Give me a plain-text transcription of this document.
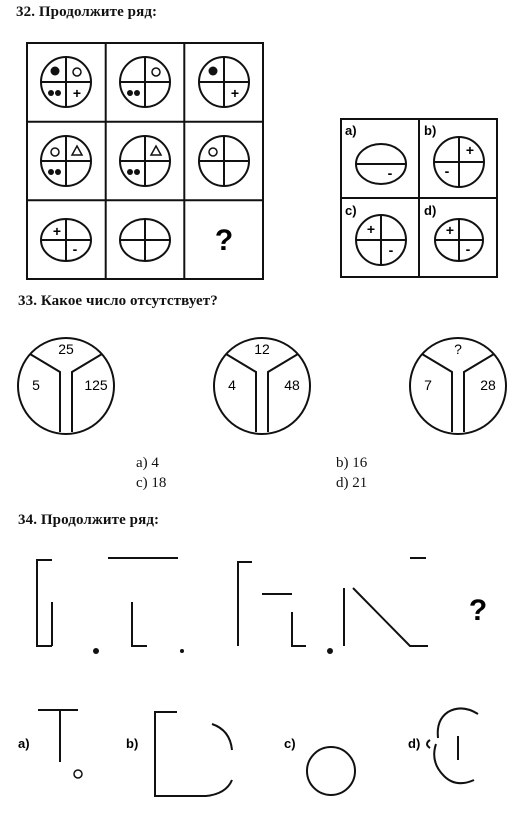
32. Продолжите ряд:
33. Какое число отсутствует?
34. Продолжите ряд:
+	+
+
-	?
a)
-
b)
+
-
c)
+
-
d)
+
-
25
5	125
12
4	48
?
7	28
a) 4
c) 18
b) 16
d) 21
?
a)	b)	c)	d)
